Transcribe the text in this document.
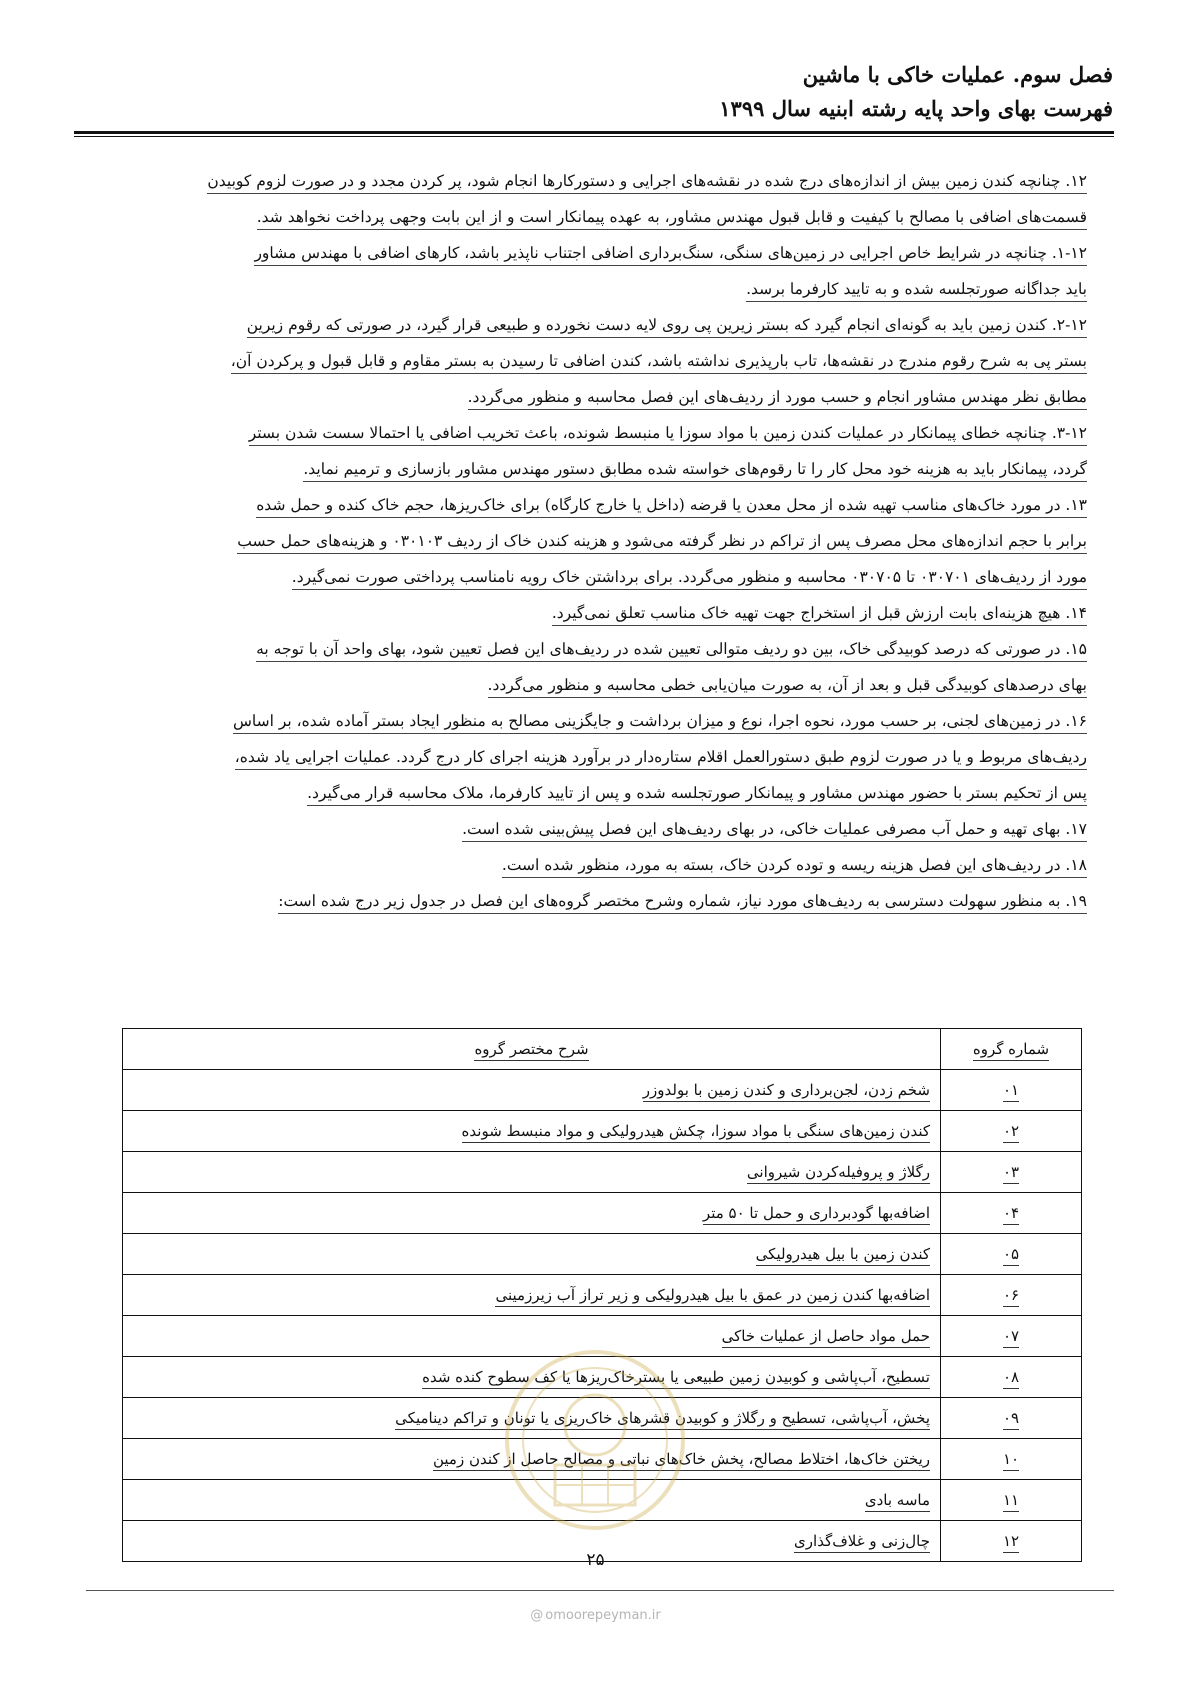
فصل سوم. عملیات خاکی با ماشین
فهرست بهای واحد پایه رشته ابنیه سال ۱۳۹۹
۱۲. چنانچه کندن زمین بیش از اندازه‌های درج شده در نقشه‌های اجرایی و دستورکارها انجام شود، پر کردن مجدد و در صورت لزوم کوبیدن
قسمت‌های اضافی با مصالح با کیفیت و قابل قبول مهندس مشاور، به عهده پیمانکار است و از این بابت وجهی پرداخت نخواهد شد.
۱-۱۲. چنانچه در شرایط خاص اجرایی در زمین‌های سنگی، سنگ‌برداری اضافی اجتناب ناپذیر باشد، کارهای اضافی با مهندس مشاور
باید جداگانه صورتجلسه شده و به تایید کارفرما برسد.
۲-۱۲. کندن زمین باید به گونه‌ای انجام گیرد که بستر زیرین پی روی لایه دست نخورده و طبیعی قرار گیرد، در صورتی که رقوم زیرین
بستر پی به شرح رقوم مندرج در نقشه‌ها، تاب بارپذیری نداشته باشد، کندن اضافی تا رسیدن به بستر مقاوم و قابل قبول و پرکردن آن،
مطابق نظر مهندس مشاور انجام و حسب مورد از ردیف‌های این فصل محاسبه و منظور می‌گردد.
۳-۱۲. چنانچه خطای پیمانکار در عملیات کندن زمین با مواد سوزا یا منبسط شونده، باعث تخریب اضافی یا احتمالا سست شدن بستر
گردد، پیمانکار باید به هزینه خود محل کار را تا رقوم‌های خواسته شده مطابق دستور مهندس مشاور بازسازی و ترمیم نماید.
۱۳. در مورد خاک‌های مناسب تهیه شده از محل معدن یا قرضه (داخل یا خارج کارگاه) برای خاک‌ریزها، حجم خاک کنده و حمل شده
برابر با حجم اندازه‌های محل مصرف پس از تراکم در نظر گرفته می‌شود و هزینه کندن خاک از ردیف ۰۳۰۱۰۳ و هزینه‌های حمل حسب
مورد از ردیف‌های ۰۳۰۷۰۱ تا ۰۳۰۷۰۵ محاسبه و منظور می‌گردد. برای برداشتن خاک رویه نامناسب پرداختی صورت نمی‌گیرد.
۱۴. هیچ هزینه‌ای بابت ارزش قبل از استخراج جهت تهیه خاک مناسب تعلق نمی‌گیرد.
۱۵. در صورتی که درصد کوبیدگی خاک، بین دو ردیف متوالی تعیین شده در ردیف‌های این فصل تعیین شود، بهای واحد آن با توجه به
بهای درصدهای کوبیدگی قبل و بعد از آن، به صورت میان‌یابی خطی محاسبه و منظور می‌گردد.
۱۶. در زمین‌های لجنی، بر حسب مورد، نحوه اجرا، نوع و میزان برداشت و جایگزینی مصالح به منظور ایجاد بستر آماده شده، بر اساس
ردیف‌های مربوط و یا در صورت لزوم طبق دستورالعمل اقلام ستاره‌دار در برآورد هزینه اجرای کار درج گردد. عملیات اجرایی یاد شده،
پس از تحکیم بستر با حضور مهندس مشاور و پیمانکار صورتجلسه شده و پس از تایید کارفرما، ملاک محاسبه قرار می‌گیرد.
۱۷. بهای تهیه و حمل آب مصرفی عملیات خاکی، در بهای ردیف‌های این فصل پیش‌بینی شده است.
۱۸. در ردیف‌های این فصل هزینه ریسه و توده کردن خاک، بسته به مورد، منظور شده است.
۱۹. به منظور سهولت دسترسی به ردیف‌های مورد نیاز، شماره وشرح مختصر گروه‌های این فصل در جدول زیر درج شده است:
شماره گروه	شرح مختصر گروه
۰۱	شخم زدن، لجن‌برداری و کندن زمین با بولدوزر
۰۲	کندن زمین‌های سنگی با مواد سوزا، چکش هیدرولیکی و مواد منبسط شونده
۰۳	رگلاژ و پروفیله‌کردن شیروانی
۰۴	اضافه‌بها گودبرداری و حمل تا ۵۰ متر
۰۵	کندن زمین با بیل هیدرولیکی
۰۶	اضافه‌بها کندن زمین در عمق با بیل هیدرولیکی و زیر تراز آب زیرزمینی
۰۷	حمل مواد حاصل از عملیات خاکی
۰۸	تسطیح، آب‌پاشی و کوبیدن زمین طبیعی یا بسترخاک‌ریزها یا کف سطوح کنده شده
۰۹	پخش، آب‌پاشی، تسطیح و رگلاژ و کوبیدن قشرهای خاک‌ریزی یا تونان و تراکم دینامیکی
۱۰	ریختن خاک‌ها، اختلاط مصالح، پخش خاک‌های نباتی و مصالح حاصل از کندن زمین
۱۱	ماسه بادی
۱۲	چال‌زنی و غلاف‌گذاری
۲۵
@ omoorepeyman.ir
